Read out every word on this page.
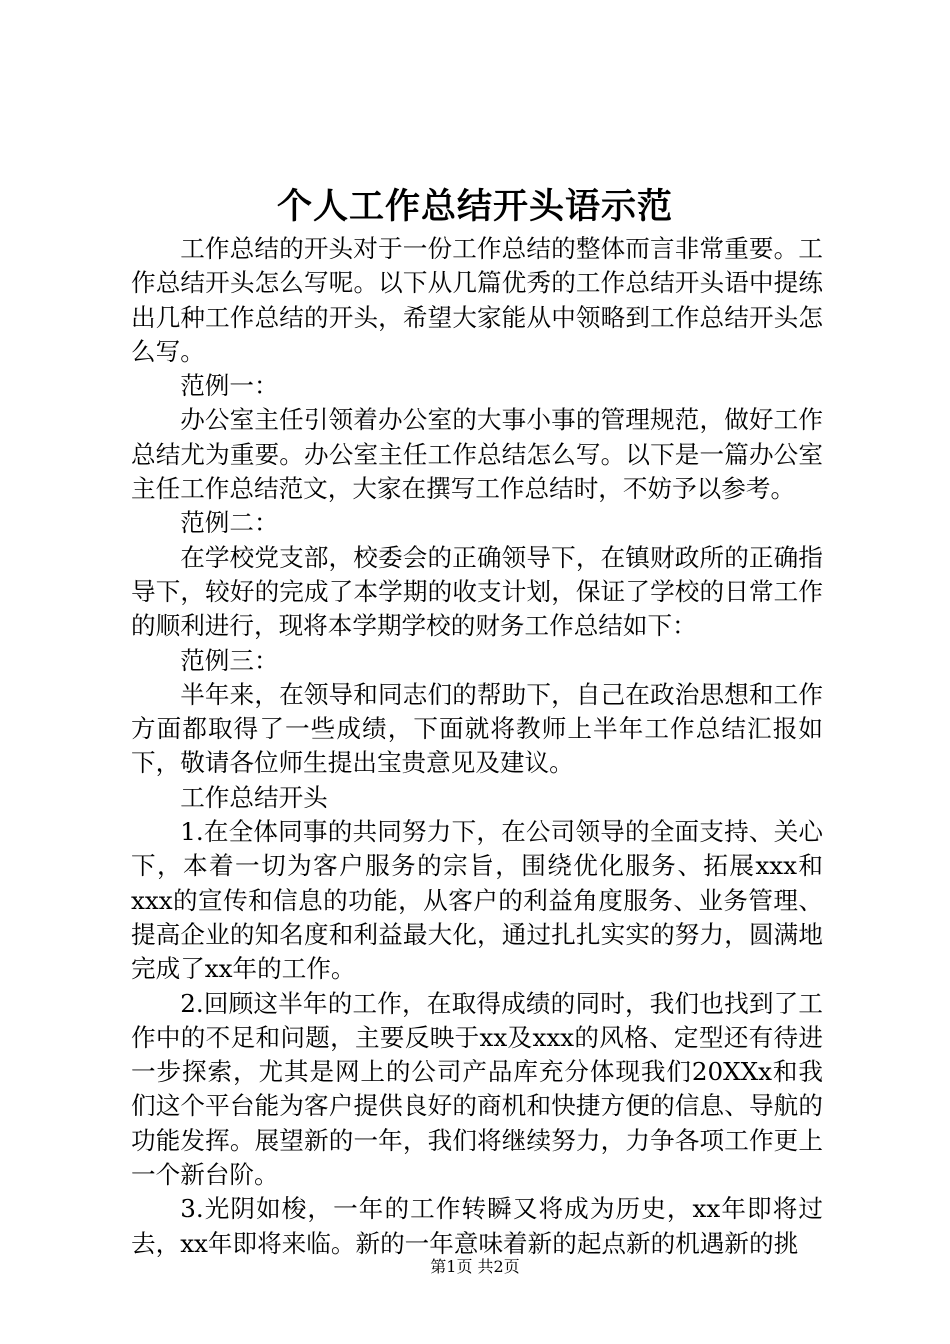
个人工作总结开头语示范

工作总结的开头对于一份工作总结的整体而言非常重要。工作总结开头怎么写呢。以下从几篇优秀的工作总结开头语中提练出几种工作总结的开头，希望大家能从中领略到工作总结开头怎么写。

范例一：

办公室主任引领着办公室的大事小事的管理规范，做好工作总结尤为重要。办公室主任工作总结怎么写。以下是一篇办公室主任工作总结范文，大家在撰写工作总结时，不妨予以参考。

范例二：

在学校党支部，校委会的正确领导下，在镇财政所的正确指导下，较好的完成了本学期的收支计划，保证了学校的日常工作的顺利进行，现将本学期学校的财务工作总结如下：

范例三：

半年来，在领导和同志们的帮助下，自己在政治思想和工作方面都取得了一些成绩，下面就将教师上半年工作总结汇报如下，敬请各位师生提出宝贵意见及建议。

工作总结开头

1.在全体同事的共同努力下，在公司领导的全面支持、关心下，本着一切为客户服务的宗旨，围绕优化服务、拓展xxx和xxx的宣传和信息的功能，从客户的利益角度服务、业务管理、提高企业的知名度和利益最大化，通过扎扎实实的努力，圆满地完成了xx年的工作。

2.回顾这半年的工作，在取得成绩的同时，我们也找到了工作中的不足和问题，主要反映于xx及xxx的风格、定型还有待进一步探索，尤其是网上的公司产品库充分体现我们20XXx和我们这个平台能为客户提供良好的商机和快捷方便的信息、导航的功能发挥。展望新的一年，我们将继续努力，力争各项工作更上一个新台阶。

3.光阴如梭，一年的工作转瞬又将成为历史，xx年即将过去，xx年即将来临。新的一年意味着新的起点新的机遇新的挑

第1页 共2页
